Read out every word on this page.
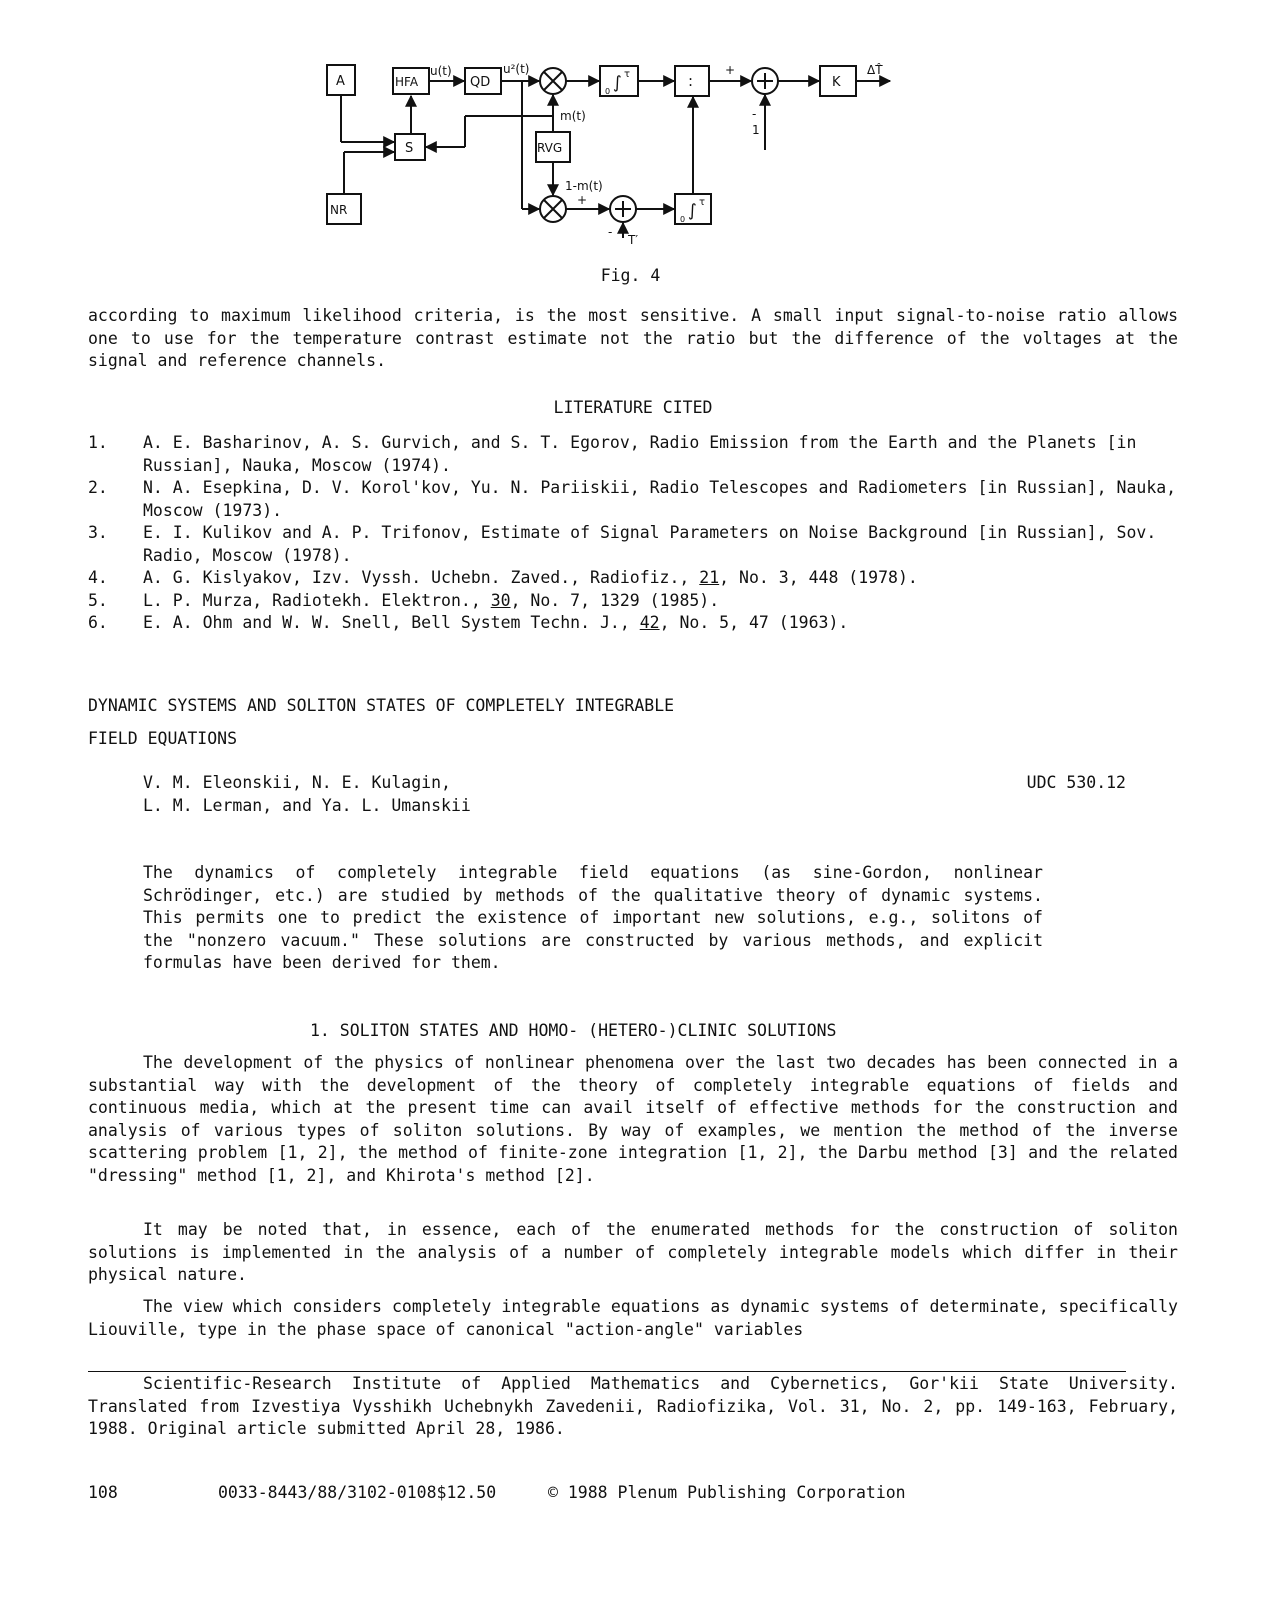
A	HFA	QD
S
NR
RVG
K
:
∫
0
τ
∫
0
τ
u(t)	u²(t)
m(t)
1-m(t)
+
-
1
+
-
T′
ΔT̂
Fig. 4

according to maximum likelihood criteria, is the most sensitive. A small input signal-to-noise ratio allows one to use for the temperature contrast estimate not the ratio but the difference of the voltages at the signal and reference channels.

LITERATURE CITED
1.	A. E. Basharinov, A. S. Gurvich, and S. T. Egorov, Radio Emission from the Earth and the Planets [in Russian], Nauka, Moscow (1974).
2.	N. A. Esepkina, D. V. Korol'kov, Yu. N. Pariiskii, Radio Telescopes and Radiometers [in Russian], Nauka, Moscow (1973).
3.	E. I. Kulikov and A. P. Trifonov, Estimate of Signal Parameters on Noise Background [in Russian], Sov. Radio, Moscow (1978).
4.	A. G. Kislyakov, Izv. Vyssh. Uchebn. Zaved., Radiofiz., 21, No. 3, 448 (1978).
5.	L. P. Murza, Radiotekh. Elektron., 30, No. 7, 1329 (1985).
6.	E. A. Ohm and W. W. Snell, Bell System Techn. J., 42, No. 5, 47 (1963).
DYNAMIC SYSTEMS AND SOLITON STATES OF COMPLETELY INTEGRABLE
FIELD EQUATIONS
V. M. Eleonskii, N. E. Kulagin,
L. M. Lerman, and Ya. L. Umanskii
UDC 530.12

The dynamics of completely integrable field equations (as sine-Gordon, nonlinear Schrödinger, etc.) are studied by methods of the qualitative theory of dynamic systems. This permits one to predict the existence of important new solutions, e.g., solitons of the "nonzero vacuum." These solutions are constructed by various methods, and explicit formulas have been derived for them.

1. SOLITON STATES AND HOMO- (HETERO-)CLINIC SOLUTIONS

The development of the physics of nonlinear phenomena over the last two decades has been connected in a substantial way with the development of the theory of completely integrable equations of fields and continuous media, which at the present time can avail itself of effective methods for the construction and analysis of various types of soliton solutions. By way of examples, we mention the method of the inverse scattering problem [1, 2], the method of finite-zone integration [1, 2], the Darbu method [3] and the related "dressing" method [1, 2], and Khirota's method [2].

It may be noted that, in essence, each of the enumerated methods for the construction of soliton solutions is implemented in the analysis of a number of completely integrable models which differ in their physical nature.

The view which considers completely integrable equations as dynamic systems of determinate, specifically Liouville, type in the phase space of canonical "action-angle" variables

Scientific-Research Institute of Applied Mathematics and Cybernetics, Gor'kii State University. Translated from Izvestiya Vysshikh Uchebnykh Zavedenii, Radiofizika, Vol. 31, No. 2, pp. 149-163, February, 1988. Original article submitted April 28, 1986.

108	0033-8443/88/3102-0108$12.50	© 1988 Plenum Publishing Corporation
